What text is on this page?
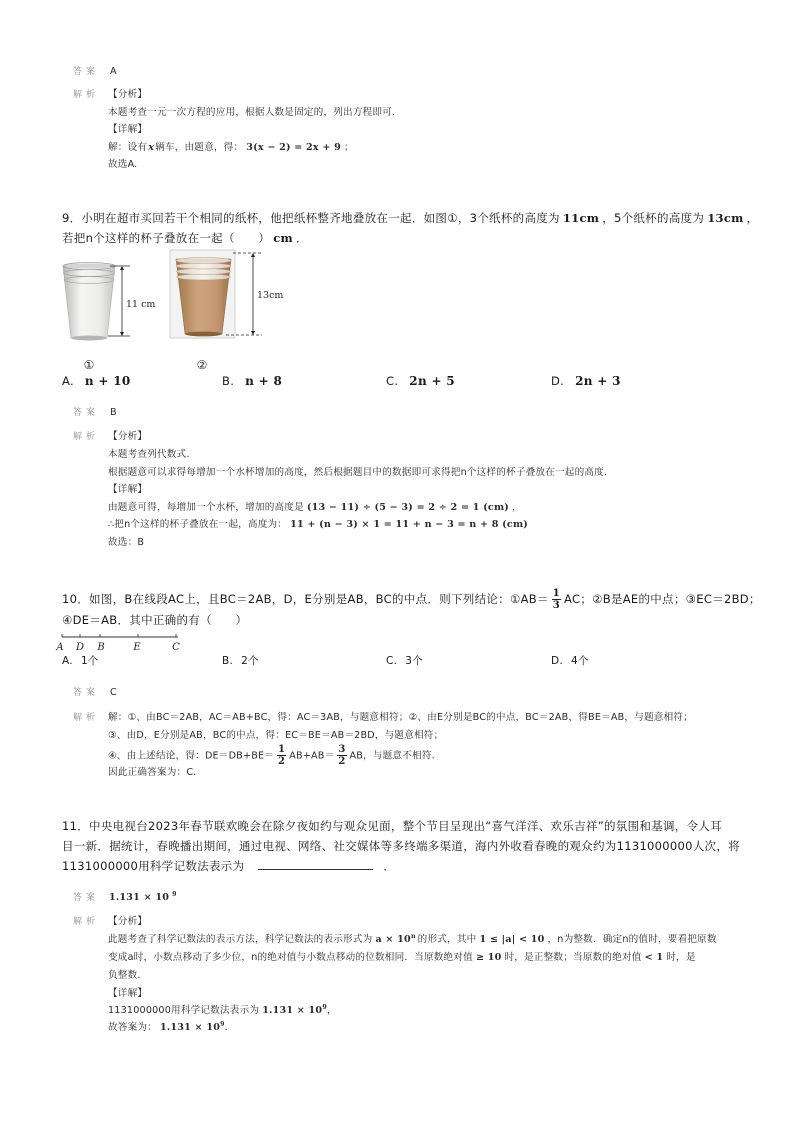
答案 A
解析 【分析】
本题考查一元一次方程的应用，根据人数是固定的，列出方程即可.
【详解】
解：设有x辆车，由题意，得： 3(x − 2) = 2x + 9 ；
故选A.
9．小明在超市买回若干个相同的纸杯，他把纸杯整齐地叠放在一起．如图①，3个纸杯的高度为 11cm ，5个纸杯的高度为 13cm ，
若把n个这样的杯子叠放在一起（　　） cm ．
11 cm
13cm
①	②
A. n + 10	B. n + 8	C. 2n + 5	D. 2n + 3
答案 B
解析 【分析】
本题考查列代数式.
根据题意可以求得每增加一个水杯增加的高度，然后根据题目中的数据即可求得把n个这样的杯子叠放在一起的高度.
【详解】
由题意可得，每增加一个水杯，增加的高度是 (13 − 11) ÷ (5 − 3) = 2 ÷ 2 = 1 (cm) ，
∴把n个这样的杯子叠放在一起，高度为： 11 + (n − 3) × 1 = 11 + n − 3 = n + 8 (cm)
故选：B
10．如图，B在线段AC上，且BC＝2AB，D，E分别是AB，BC的中点．则下列结论：①AB＝ $\frac{1}{3}$ AC；②B是AE的中点；③EC＝2BD；
④DE＝AB．其中正确的有（　　）
A D B	E	C
A. 1个	B. 2个	C. 3个	D. 4个
答案 C
解析 解：①、由BC＝2AB，AC＝AB+BC，得：AC＝3AB，与题意相符；②、由E分别是BC的中点，BC＝2AB，得BE＝AB，与题意相符；
③、由D，E分别是AB，BC的中点，得：EC＝BE＝AB＝2BD，与题意相符；
④、由上述结论，得：$DE=DB+BE= \frac{1}{2} AB+AB= \frac{3}{2}$ AB，与题意不相符．
因此正确答案为：C.
11．中央电视台2023年春节联欢晚会在除夕夜如约与观众见面，整个节目呈现出“喜气洋洋、欢乐吉祥”的氛围和基调，令人耳
目一新．据统计，春晚播出期间，通过电视、网络、社交媒体等多终端多渠道，海内外收看春晚的观众约为1131000000人次，将
1131000000用科学记数法表示为	．
答案	1.131 × 10 $^9$
解析 【分析】
此题考查了科学记数法的表示方法，科学记数法的表示形式为 $a \times 10^n$ 的形式，其中 1 ≤ |a| < 10 ，n为整数．确定n的值时，要看把原数
变成a时，小数点移动了多少位，n的绝对值与小数点移动的位数相同．当原数绝对值 ≥ 10 时，是正整数；当原数的绝对值 < 1 时，是
负整数.
【详解】
1131000000用科学记数法表示为 $1.131 \times 10^9$，
故答案为： $1.131 \times 10^9$.
